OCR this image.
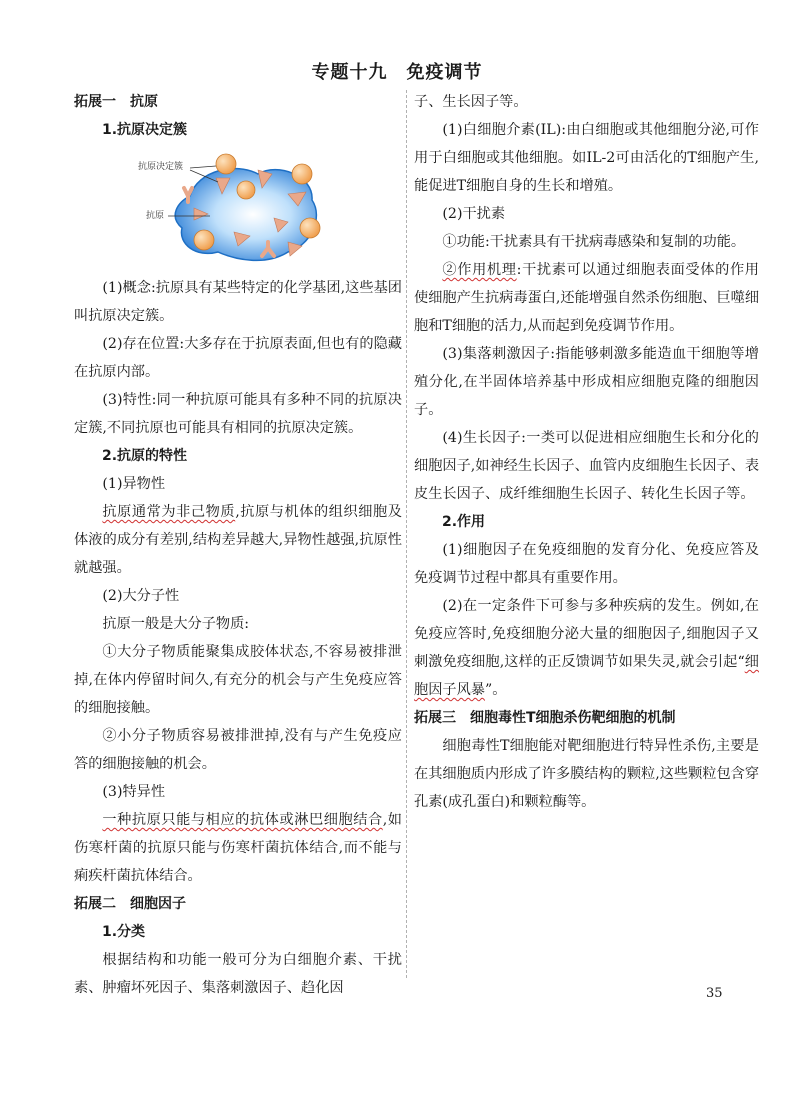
专题十九　免疫调节

拓展一　抗原

1.抗原决定簇

抗原决定簇
抗原

(1)概念:抗原具有某些特定的化学基团,这些基团叫抗原决定簇。

(2)存在位置:大多存在于抗原表面,但也有的隐藏在抗原内部。

(3)特性:同一种抗原可能具有多种不同的抗原决定簇,不同抗原也可能具有相同的抗原决定簇。

2.抗原的特性

(1)异物性

抗原通常为非己物质,抗原与机体的组织细胞及体液的成分有差别,结构差异越大,异物性越强,抗原性就越强。

(2)大分子性

抗原一般是大分子物质:

①大分子物质能聚集成胶体状态,不容易被排泄掉,在体内停留时间久,有充分的机会与产生免疫应答的细胞接触。

②小分子物质容易被排泄掉,没有与产生免疫应答的细胞接触的机会。

(3)特异性

一种抗原只能与相应的抗体或淋巴细胞结合,如伤寒杆菌的抗原只能与伤寒杆菌抗体结合,而不能与痢疾杆菌抗体结合。

拓展二　细胞因子

1.分类

根据结构和功能一般可分为白细胞介素、干扰素、肿瘤坏死因子、集落刺激因子、趋化因

子、生长因子等。

(1)白细胞介素(IL):由白细胞或其他细胞分泌,可作用于白细胞或其他细胞。如IL-2可由活化的T细胞产生,能促进T细胞自身的生长和增殖。

(2)干扰素

①功能:干扰素具有干扰病毒感染和复制的功能。

②作用机理:干扰素可以通过细胞表面受体的作用使细胞产生抗病毒蛋白,还能增强自然杀伤细胞、巨噬细胞和T细胞的活力,从而起到免疫调节作用。

(3)集落刺激因子:指能够刺激多能造血干细胞等增殖分化,在半固体培养基中形成相应细胞克隆的细胞因子。

(4)生长因子:一类可以促进相应细胞生长和分化的细胞因子,如神经生长因子、血管内皮细胞生长因子、表皮生长因子、成纤维细胞生长因子、转化生长因子等。

2.作用

(1)细胞因子在免疫细胞的发育分化、免疫应答及免疫调节过程中都具有重要作用。

(2)在一定条件下可参与多种疾病的发生。例如,在免疫应答时,免疫细胞分泌大量的细胞因子,细胞因子又刺激免疫细胞,这样的正反馈调节如果失灵,就会引起“细胞因子风暴”。

拓展三　细胞毒性T细胞杀伤靶细胞的机制

细胞毒性T细胞能对靶细胞进行特异性杀伤,主要是在其细胞质内形成了许多膜结构的颗粒,这些颗粒包含穿孔素(成孔蛋白)和颗粒酶等。

35
